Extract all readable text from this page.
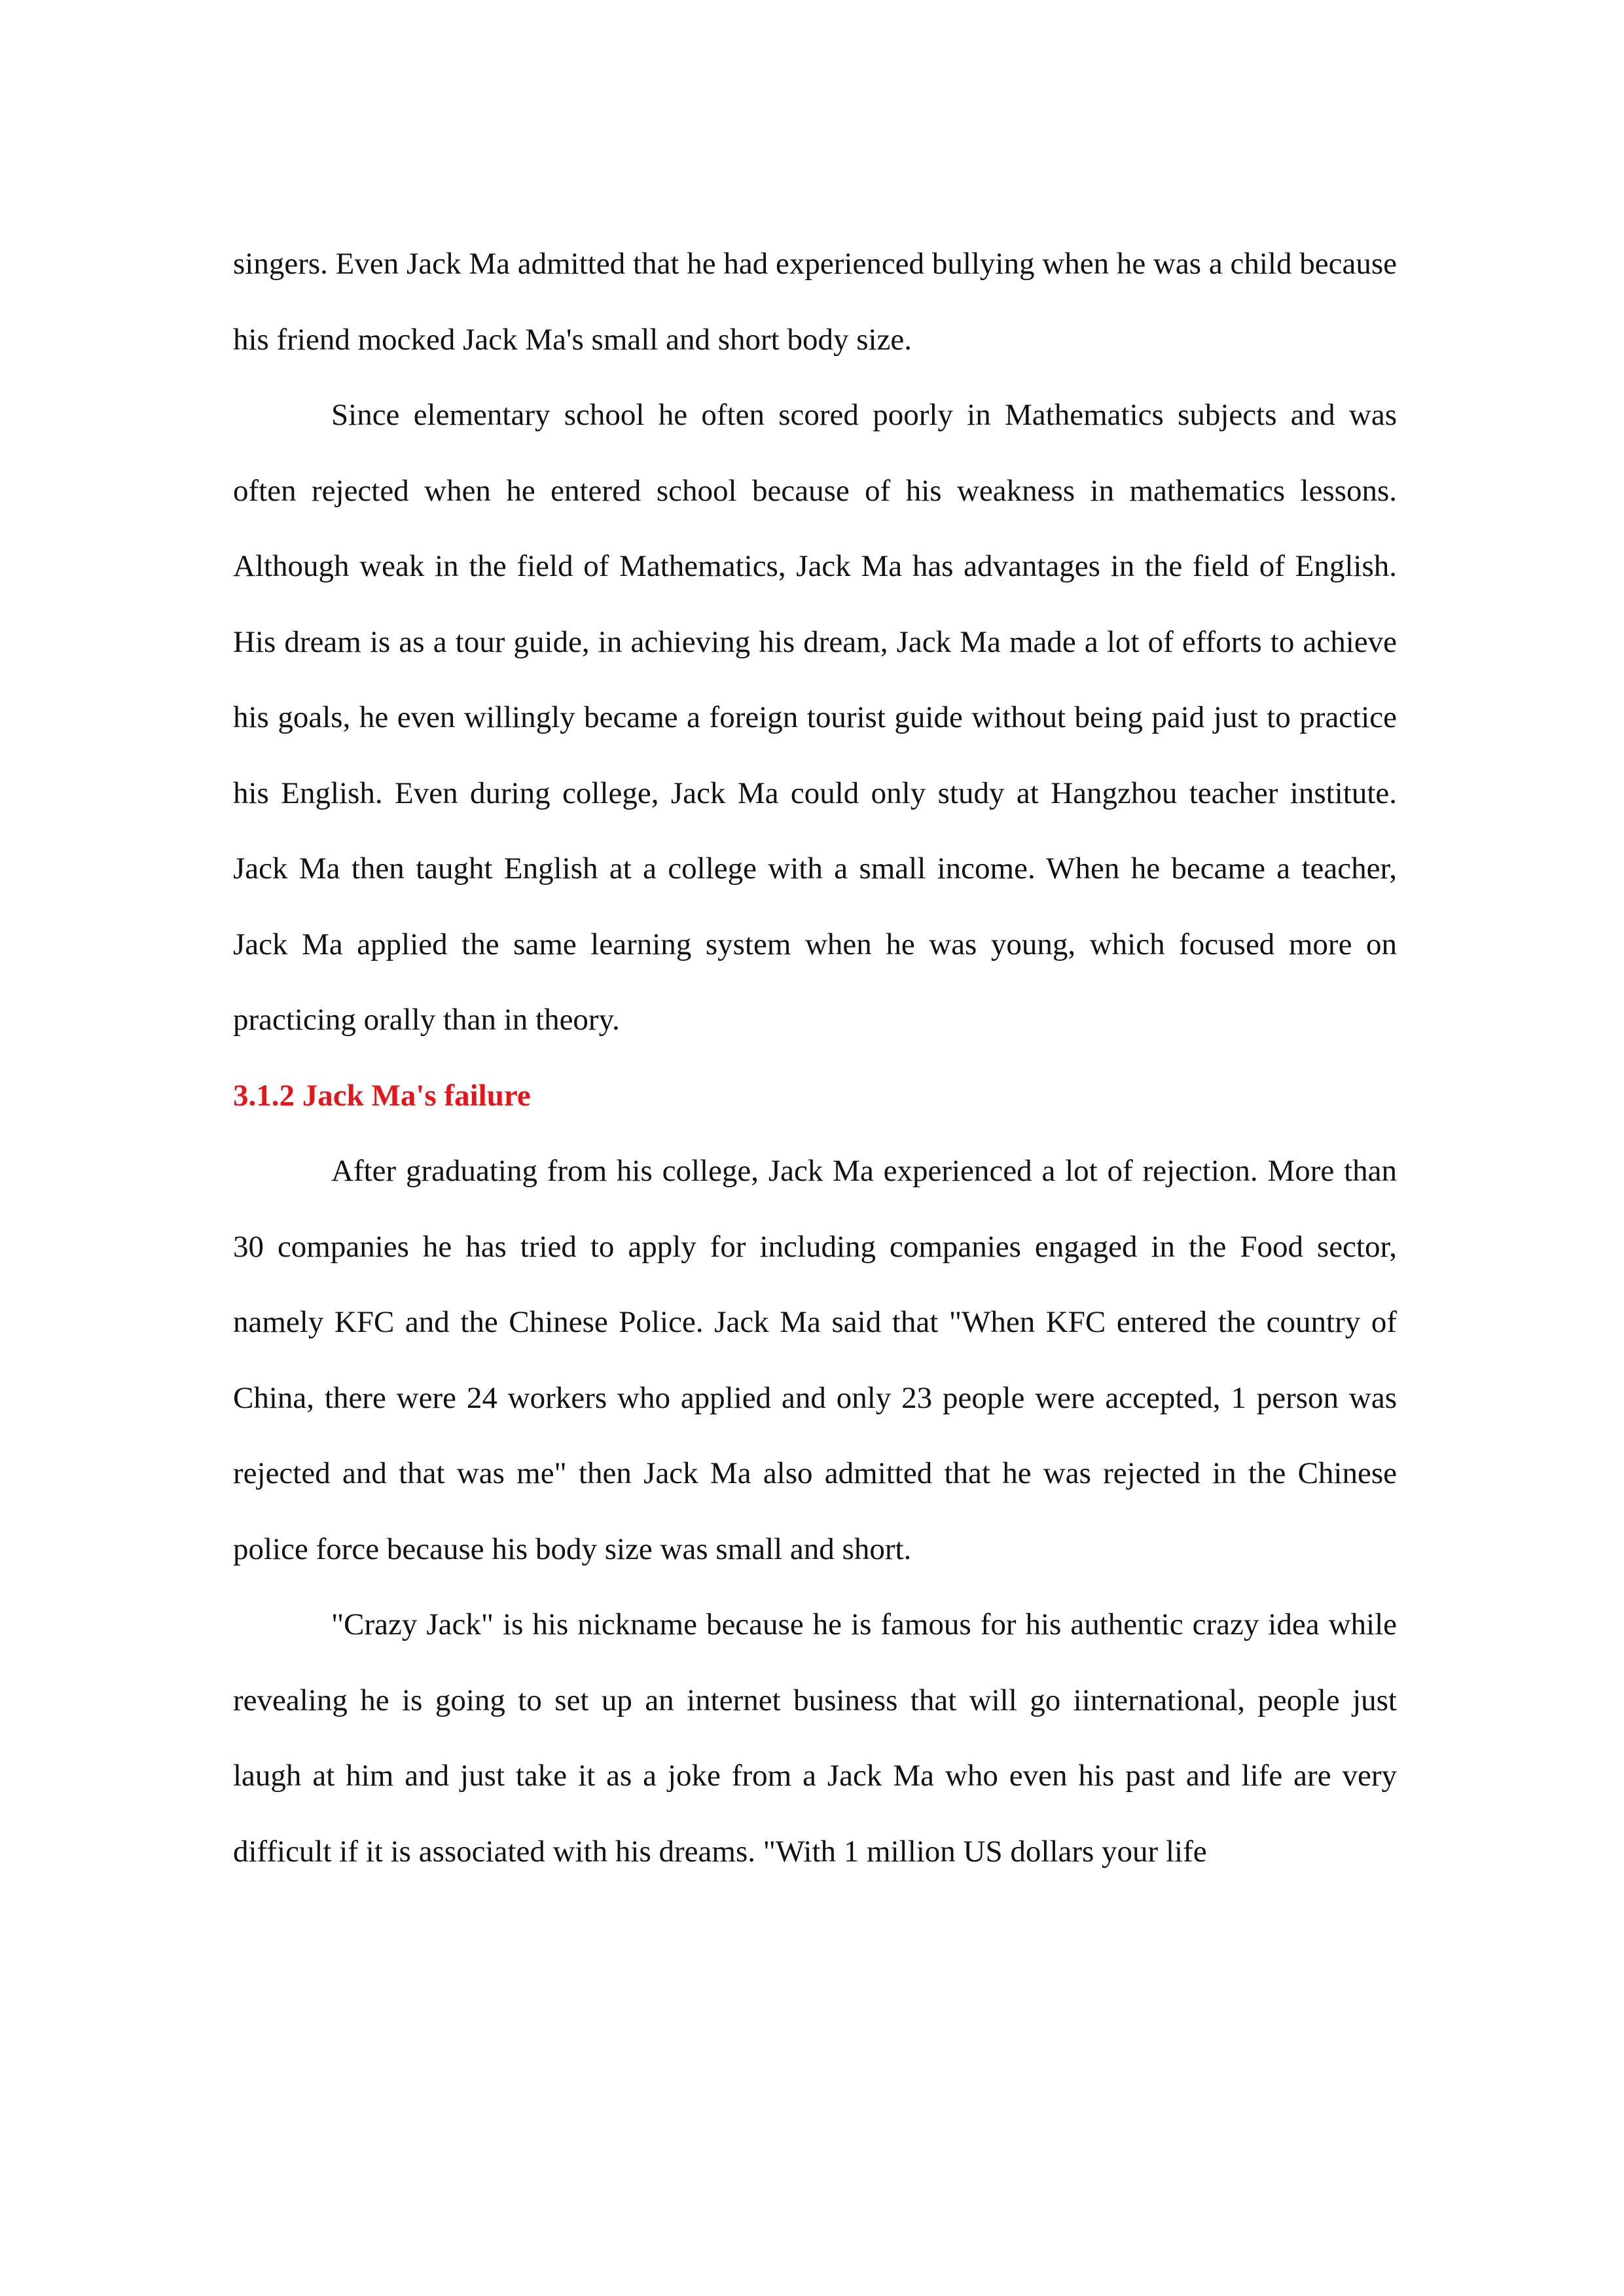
singers. Even Jack Ma admitted that he had experienced bullying when he was a child because his friend mocked Jack Ma's small and short body size.

Since elementary school he often scored poorly in Mathematics subjects and was often rejected when he entered school because of his weakness in mathematics lessons. Although weak in the field of Mathematics, Jack Ma has advantages in the field of English. His dream is as a tour guide, in achieving his dream, Jack Ma made a lot of efforts to achieve his goals, he even willingly became a foreign tourist guide without being paid just to practice his English. Even during college, Jack Ma could only study at Hangzhou teacher institute. Jack Ma then taught English at a college with a small income. When he became a teacher, Jack Ma applied the same learning system when he was young, which focused more on practicing orally than in theory.

3.1.2 Jack Ma's failure

After graduating from his college, Jack Ma experienced a lot of rejection. More than 30 companies he has tried to apply for including companies engaged in the Food sector, namely KFC and the Chinese Police. Jack Ma said that "When KFC entered the country of China, there were 24 workers who applied and only 23 people were accepted, 1 person was rejected and that was me" then Jack Ma also admitted that he was rejected in the Chinese police force because his body size was small and short.

"Crazy Jack" is his nickname because he is famous for his authentic crazy idea while revealing he is going to set up an internet business that will go iinternational, people just laugh at him and just take it as a joke from a Jack Ma who even his past and life are very difficult if it is associated with his dreams. "With 1 million US dollars your life
